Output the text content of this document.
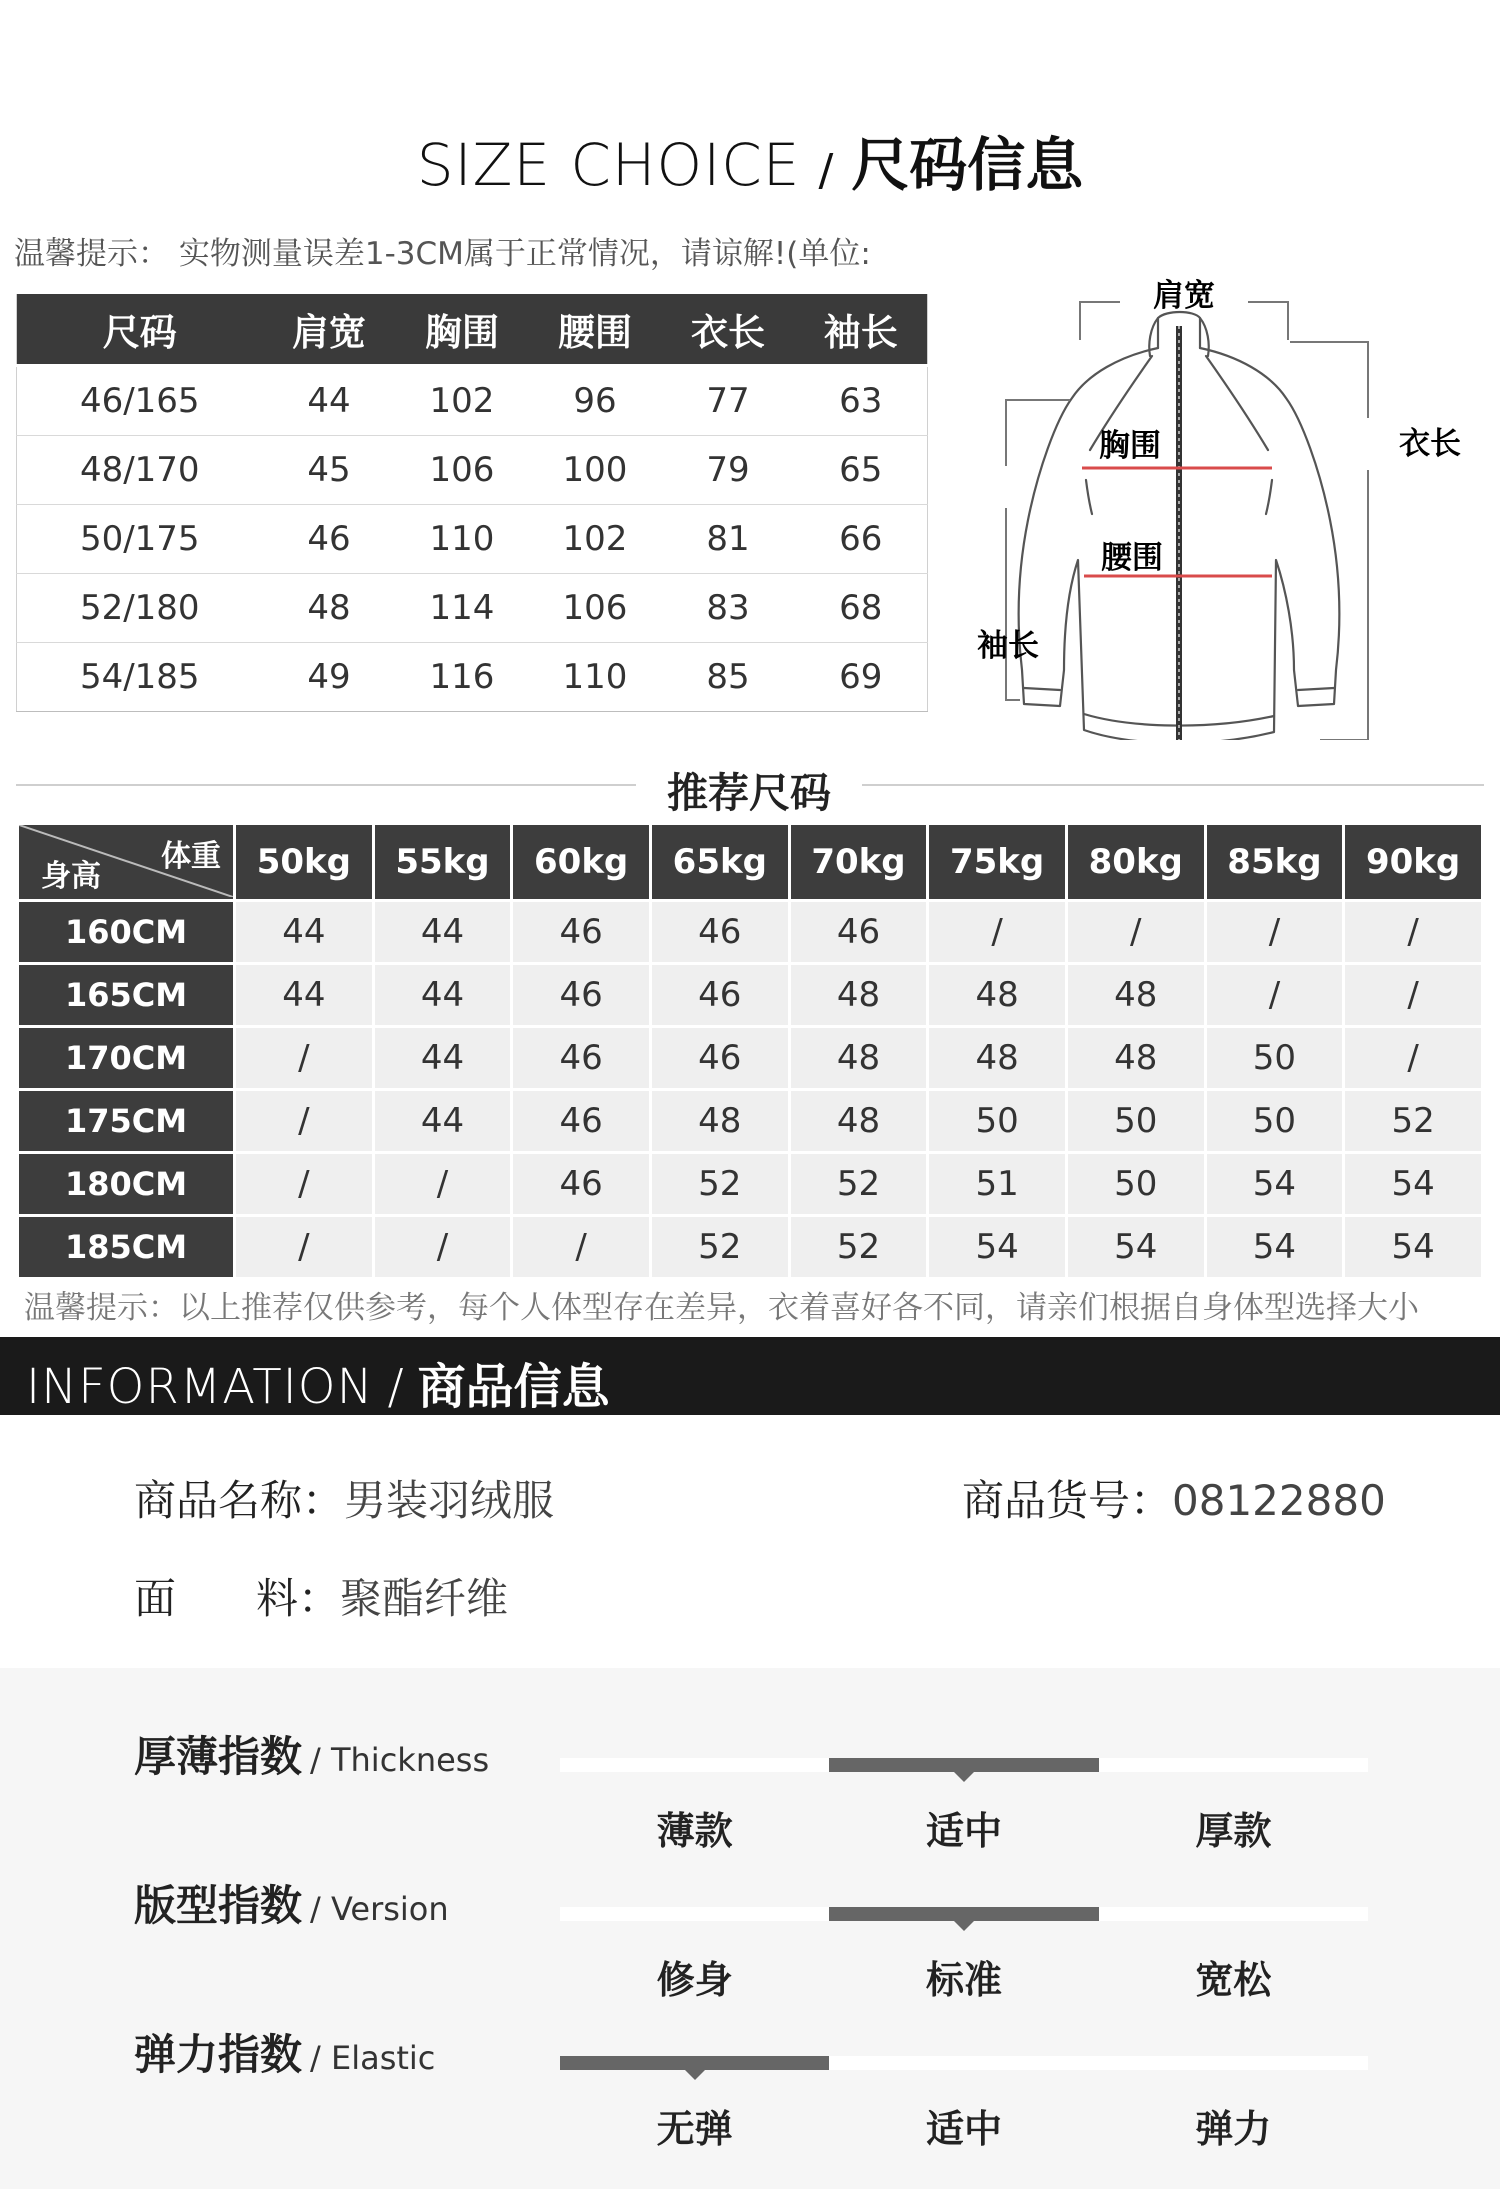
SIZE CHOICE / 尺码信息
温馨提示： 实物测量误差1-3CM属于正常情况，请谅解!(单位:
尺码	肩宽	胸围	腰围	衣长	袖长
46/165	44	102	96	77	63
48/170	45	106	100	79	65
50/175	46	110	102	81	66
52/180	48	114	106	83	68
54/185	49	116	110	85	69
肩宽
衣长
胸围
腰围
袖长
推荐尺码
体重
身高	50kg	55kg	60kg	65kg	70kg	75kg	80kg	85kg	90kg
160CM	44	44	46	46	46	/	/	/	/
165CM	44	44	46	46	48	48	48	/	/
170CM	/	44	46	46	48	48	48	50	/
175CM	/	44	46	48	48	50	50	50	52
180CM	/	/	46	52	52	51	50	54	54
185CM	/	/	/	52	52	54	54	54	54
温馨提示：以上推荐仅供参考，每个人体型存在差异，衣着喜好各不同，请亲们根据自身体型选择大小
INFORMATION / 商品信息
商品名称：男装羽绒服	商品货号：08122880
面 料：聚酯纤维
厚薄指数 / Thickness
薄款	适中	厚款
版型指数 / Version
修身	标准	宽松
弹力指数 / Elastic
无弹	适中	弹力
